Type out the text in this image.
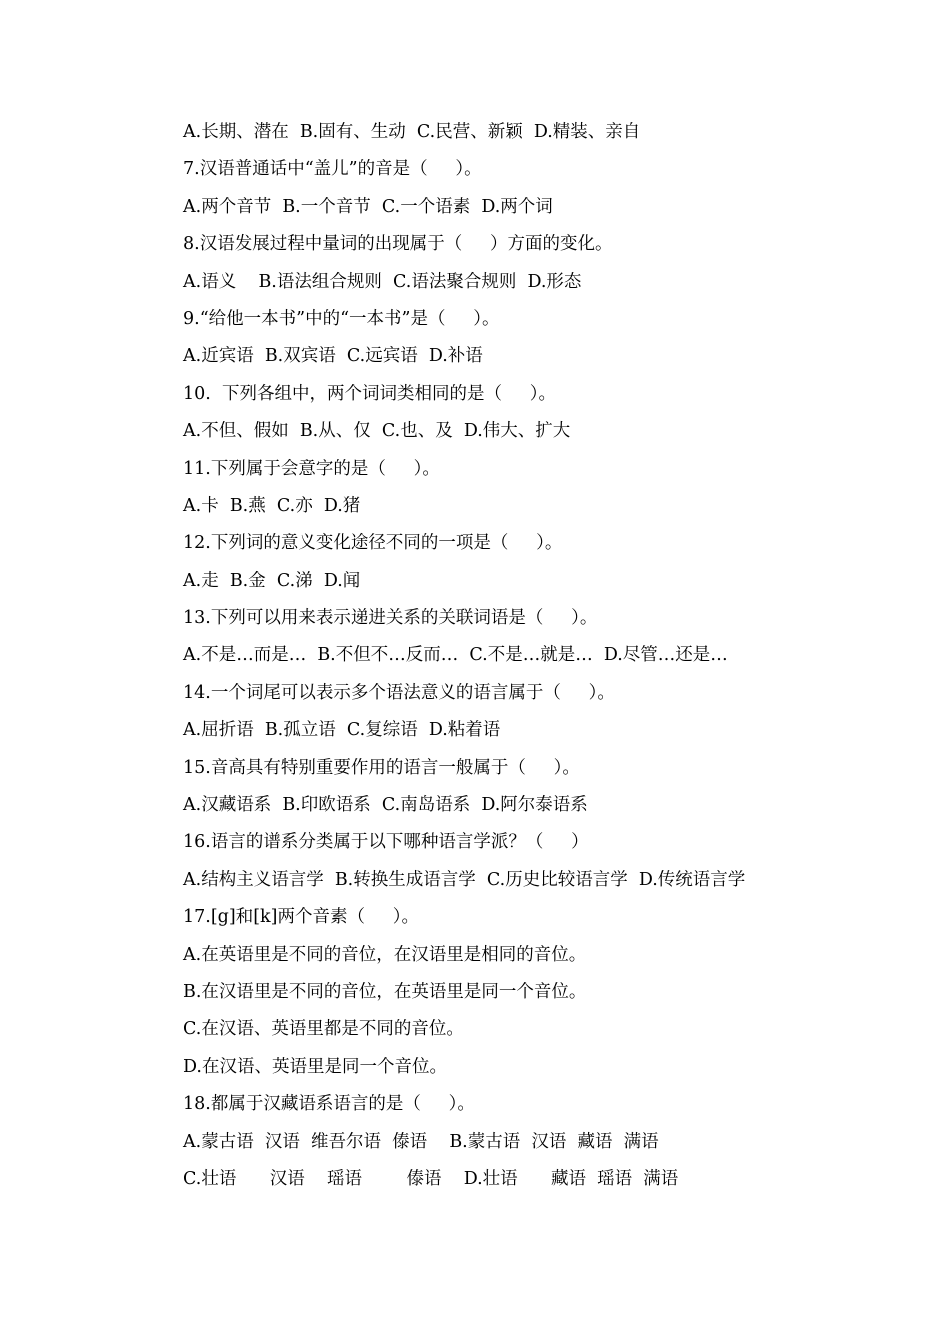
A.长期、潜在  B.固有、生动  C.民营、新颖  D.精装、亲自
7.汉语普通话中“盖儿”的音是（     ）。
A.两个音节  B.一个音节  C.一个语素  D.两个词
8.汉语发展过程中量词的出现属于（     ）方面的变化。
A.语义    B.语法组合规则  C.语法聚合规则  D.形态
9.“给他一本书”中的“一本书”是（     ）。
A.近宾语  B.双宾语  C.远宾语  D.补语
10.  下列各组中，两个词词类相同的是（     ）。
A.不但、假如  B.从、仅  C.也、及  D.伟大、扩大
11.下列属于会意字的是（     ）。
A.卡  B.燕  C.亦  D.猪
12.下列词的意义变化途径不同的一项是（     ）。
A.走  B.金  C.涕  D.闻
13.下列可以用来表示递进关系的关联词语是（     ）。
A.不是…而是…  B.不但不…反而…  C.不是…就是…  D.尽管…还是…
14.一个词尾可以表示多个语法意义的语言属于（     ）。
A.屈折语  B.孤立语  C.复综语  D.粘着语
15.音高具有特别重要作用的语言一般属于（     ）。
A.汉藏语系  B.印欧语系  C.南岛语系  D.阿尔泰语系
16.语言的谱系分类属于以下哪种语言学派？（     ）
A.结构主义语言学  B.转换生成语言学  C.历史比较语言学  D.传统语言学
17.[g]和[k]两个音素（     ）。
A.在英语里是不同的音位，在汉语里是相同的音位。
B.在汉语里是不同的音位，在英语里是同一个音位。
C.在汉语、英语里都是不同的音位。
D.在汉语、英语里是同一个音位。
18.都属于汉藏语系语言的是（     ）。
A.蒙古语  汉语  维吾尔语  傣语    B.蒙古语  汉语  藏语  满语
C.壮语      汉语    瑶语        傣语    D.壮语      藏语  瑶语  满语
